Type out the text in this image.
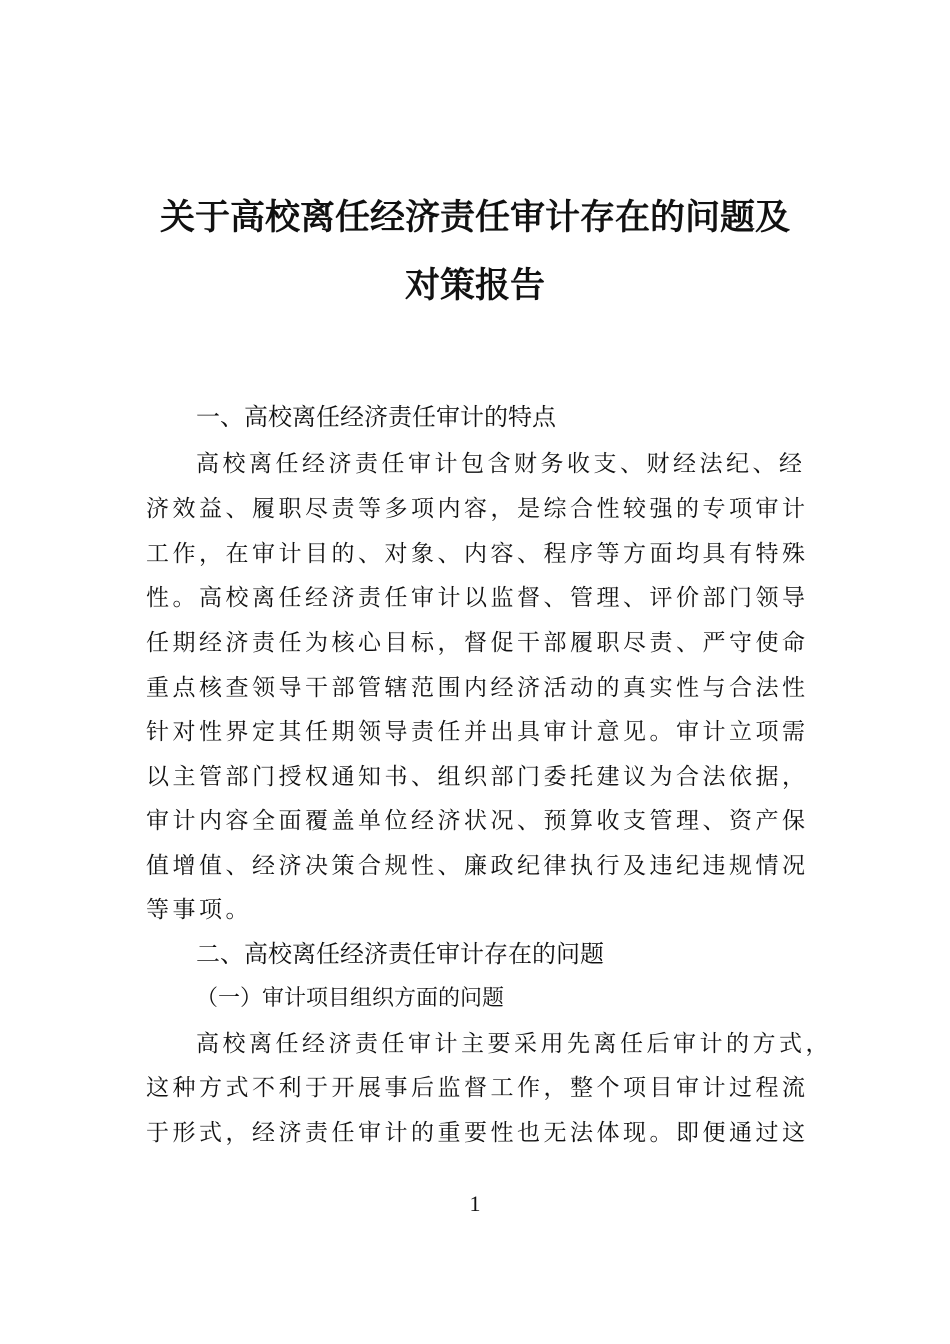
关于高校离任经济责任审计存在的问题及
对策报告
一、高校离任经济责任审计的特点
高校离任经济责任审计包含财务收支、财经法纪、经
济效益、履职尽责等多项内容，是综合性较强的专项审计
工作，在审计目的、对象、内容、程序等方面均具有特殊
性。高校离任经济责任审计以监督、管理、评价部门领导
任期经济责任为核心目标，督促干部履职尽责、严守使命
重点核查领导干部管辖范围内经济活动的真实性与合法性
针对性界定其任期领导责任并出具审计意见。审计立项需
以主管部门授权通知书、组织部门委托建议为合法依据，
审计内容全面覆盖单位经济状况、预算收支管理、资产保
值增值、经济决策合规性、廉政纪律执行及违纪违规情况
等事项。
二、高校离任经济责任审计存在的问题
（一）审计项目组织方面的问题
高校离任经济责任审计主要采用先离任后审计的方式，
这种方式不利于开展事后监督工作，整个项目审计过程流
于形式，经济责任审计的重要性也无法体现。即便通过这
1
